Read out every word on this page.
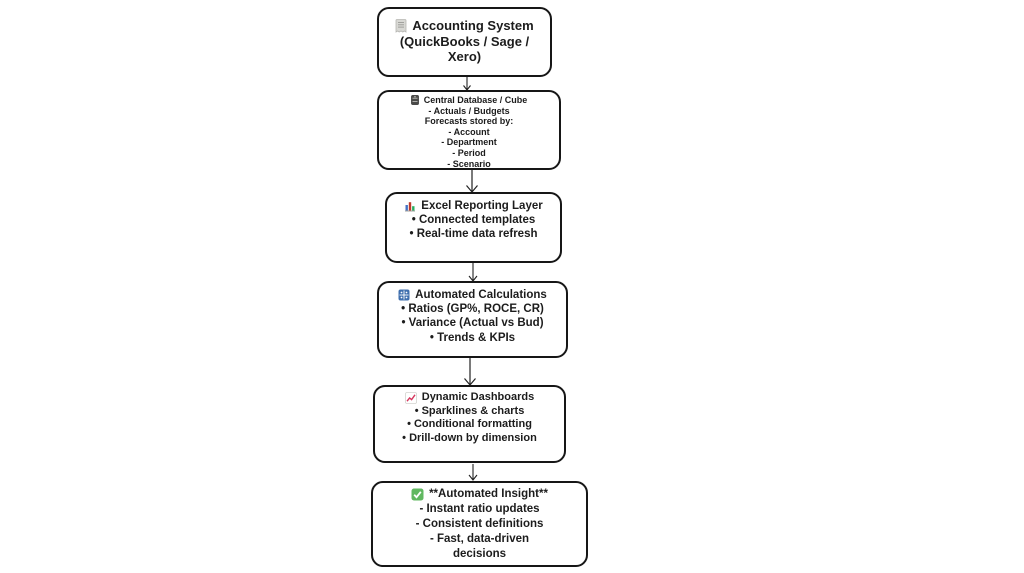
Accounting System
(QuickBooks / Sage /
Xero)
Central Database / Cube
- Actuals / Budgets
Forecasts stored by:
- Account
- Department
- Period
- Scenario
Excel Reporting Layer
• Connected templates
• Real-time data refresh
Automated Calculations
• Ratios (GP%, ROCE, CR)
• Variance (Actual vs Bud)
• Trends & KPIs
Dynamic Dashboards
• Sparklines & charts
• Conditional formatting
• Drill-down by dimension
**Automated Insight**
- Instant ratio updates
- Consistent definitions
- Fast, data-driven
decisions
